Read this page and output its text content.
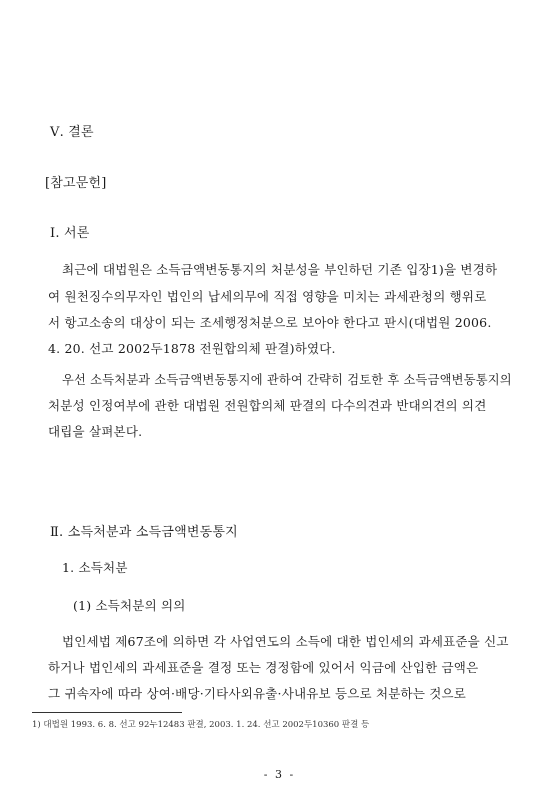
Ⅴ. 결론
[참고문헌]
Ⅰ. 서론
최근에 대법원은 소득금액변동통지의 처분성을 부인하던 기존 입장1)을 변경하
여 원천징수의무자인 법인의 납세의무에 직접 영향을 미치는 과세관청의 행위로
서 항고소송의 대상이 되는 조세행정처분으로 보아야 한다고 판시(대법원 2006.
4. 20. 선고 2002두1878 전원합의체 판결)하였다.
우선 소득처분과 소득금액변동통지에 관하여 간략히 검토한 후 소득금액변동통지의
처분성 인정여부에 관한 대법원 전원합의체 판결의 다수의견과 반대의견의 의견
대립을 살펴본다.
Ⅱ. 소득처분과 소득금액변동통지
1. 소득처분
(1) 소득처분의 의의
법인세법 제67조에 의하면 각 사업연도의 소득에 대한 법인세의 과세표준을 신고
하거나 법인세의 과세표준을 결정 또는 경정함에 있어서 익금에 산입한 금액은
그 귀속자에 따라 상여·배당·기타사외유출·사내유보 등으로 처분하는 것으로
1) 대법원 1993. 6. 8. 선고 92누12483 판결, 2003. 1. 24. 선고 2002두10360 판결 등
- 3 -
